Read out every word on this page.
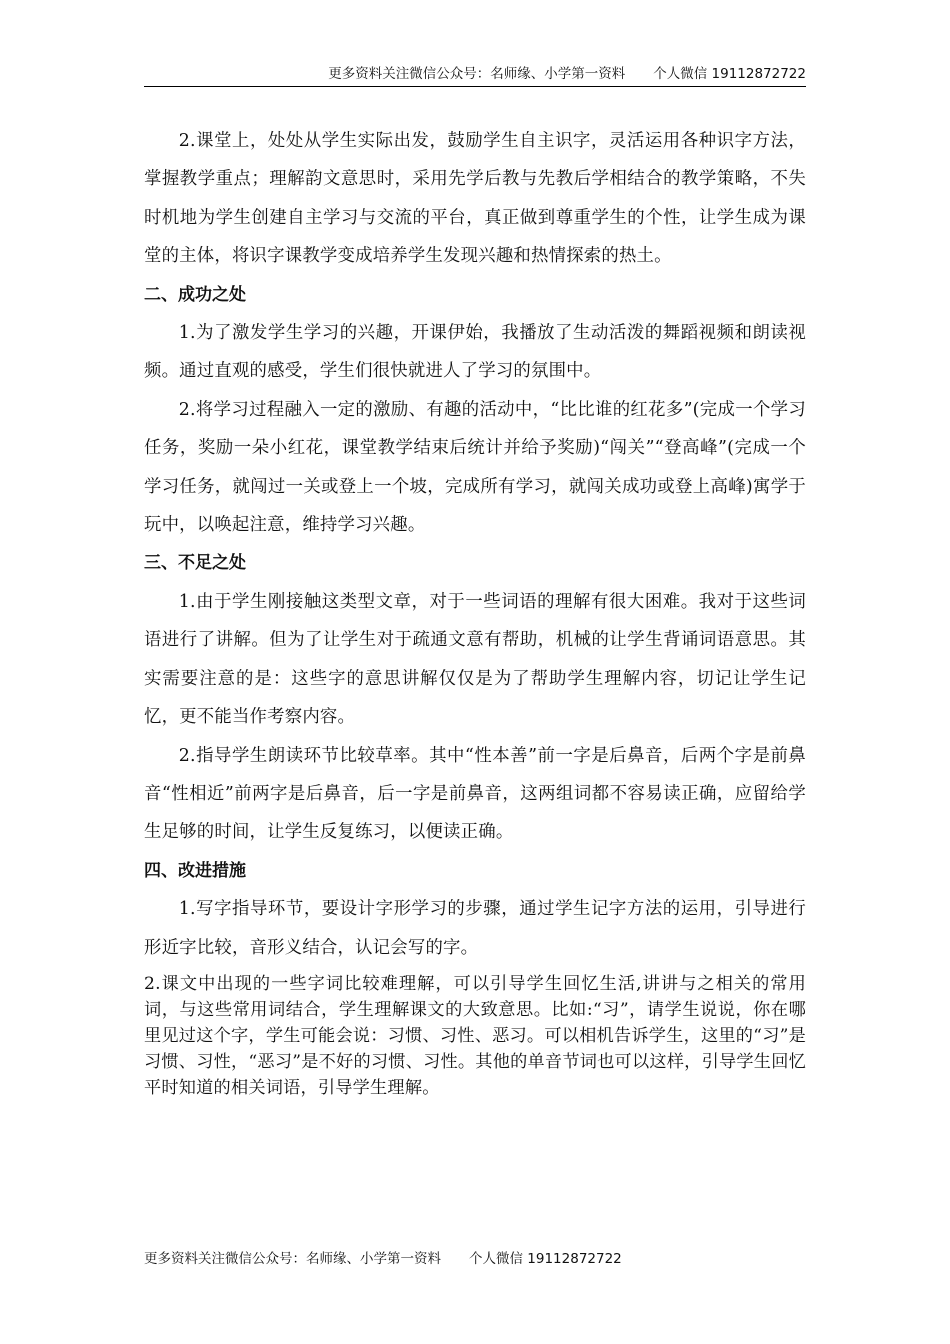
更多资料关注微信公众号：名师缘、小学第一资料 个人微信 19112872722

2.课堂上，处处从学生实际出发，鼓励学生自主识字，灵活运用各种识字方法，掌握教学重点；理解韵文意思时，采用先学后教与先教后学相结合的教学策略，不失时机地为学生创建自主学习与交流的平台，真正做到尊重学生的个性，让学生成为课堂的主体，将识字课教学变成培养学生发现兴趣和热情探索的热土。

二、成功之处

1.为了激发学生学习的兴趣，开课伊始，我播放了生动活泼的舞蹈视频和朗读视频。通过直观的感受，学生们很快就进人了学习的氛围中。

2.将学习过程融入一定的激励、有趣的活动中，“比比谁的红花多”(完成一个学习任务，奖励一朵小红花，课堂教学结束后统计并给予奖励)“闯关”“登高峰”(完成一个学习任务，就闯过一关或登上一个坡，完成所有学习，就闯关成功或登上高峰)寓学于玩中，以唤起注意，维持学习兴趣。

三、不足之处

1.由于学生刚接触这类型文章，对于一些词语的理解有很大困难。我对于这些词语进行了讲解。但为了让学生对于疏通文意有帮助，机械的让学生背诵词语意思。其实需要注意的是：这些字的意思讲解仅仅是为了帮助学生理解内容，切记让学生记忆，更不能当作考察内容。

2.指导学生朗读环节比较草率。其中“性本善”前一字是后鼻音，后两个字是前鼻音“性相近”前两字是后鼻音，后一字是前鼻音，这两组词都不容易读正确，应留给学生足够的时间，让学生反复练习，以便读正确。

四、改进措施

1.写字指导环节，要设计字形学习的步骤，通过学生记字方法的运用，引导进行形近字比较，音形义结合，认记会写的字。

2.课文中出现的一些字词比较难理解，可以引导学生回忆生活,讲讲与之相关的常用词，与这些常用词结合，学生理解课文的大致意思。比如:“习”，请学生说说，你在哪里见过这个字，学生可能会说：习惯、习性、恶习。可以相机告诉学生，这里的“习”是习惯、习性，“恶习”是不好的习惯、习性。其他的单音节词也可以这样，引导学生回忆平时知道的相关词语，引导学生理解。

更多资料关注微信公众号：名师缘、小学第一资料 个人微信 19112872722
